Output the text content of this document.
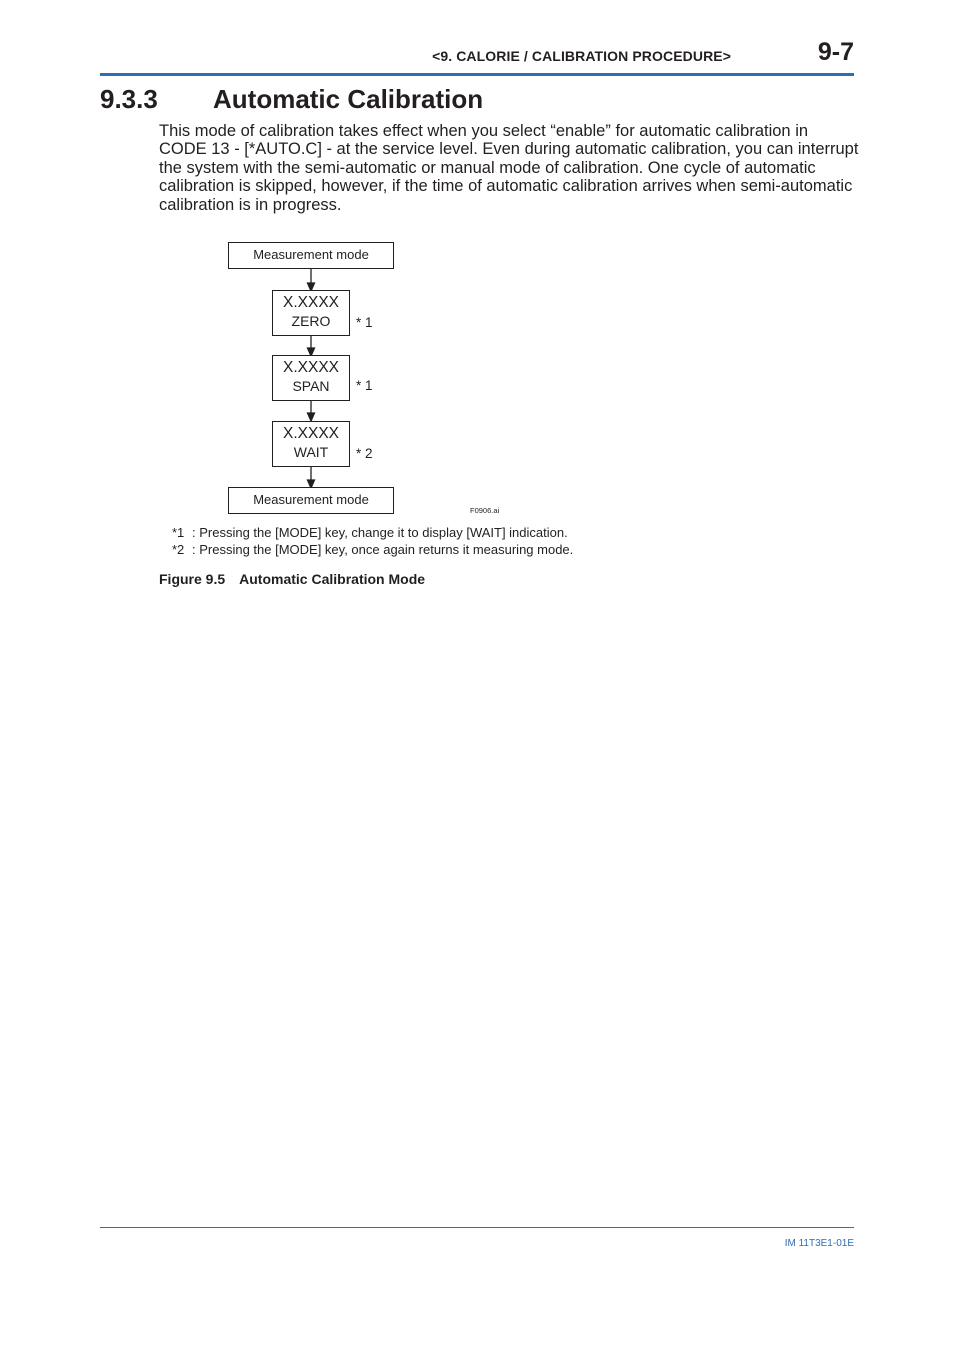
<9. CALORIE / CALIBRATION PROCEDURE>	9-7
9.3.3 Automatic Calibration
This mode of calibration takes effect when you select “enable” for automatic calibration in CODE 13 - [*AUTO.C] - at the service level. Even during automatic calibration, you can interrupt the system with the semi-automatic or manual mode of calibration. One cycle of automatic calibration is skipped, however, if the time of automatic calibration arrives when semi-automatic calibration is in progress.
Measurement mode
X.XXXX
ZERO	* 1
X.XXXX
SPAN	* 1
X.XXXX
WAIT	* 2
Measurement mode
F0906.ai
*1 : Pressing the [MODE] key, change it to display [WAIT] indication.
*2 : Pressing the [MODE] key, once again returns it measuring mode.
Figure 9.5 Automatic Calibration Mode
IM 11T3E1-01E
